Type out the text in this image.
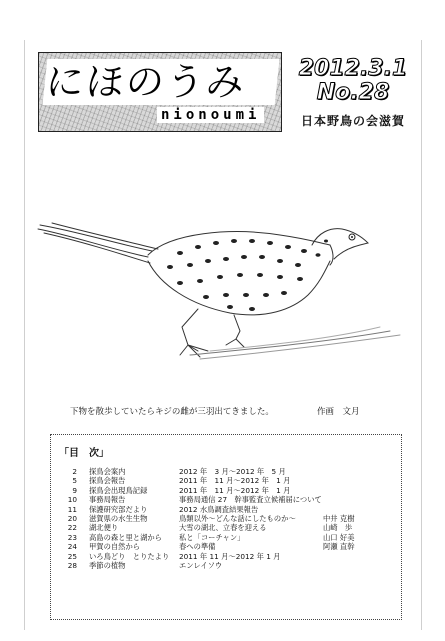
にほのうみ
nionoumi
2012.3.1
No.28
日本野鳥の会滋賀
下物を散歩していたらキジの雌が三羽出てきました。	作画　文月
「目　次」
2 探鳥会案内	2012 年　3 月～2012 年　5 月
5 探鳥会報告	2011 年　11 月～2012 年　1 月
9 探鳥会出現鳥記録	2011 年　11 月～2012 年　1 月
10 事務局報告	事務局通信 27　幹事監査立候補届について
11 保護研究部だより	2012 水鳥調査結果報告
20 滋賀県の水生生物	鳥類以外～どんな話にしたものか～	中井 克樹
22 湖北便り	大雪の湖北、立春を迎える	山崎　歩
23 高島の森と里と湖から 私と「コーチャン」	山口 好美
24 甲賀の自然から	春への準備	阿瀬 直幹
25 いろ鳥どり　とりたより 2011 年 11 月～2012 年 1 月
28 季節の植物	エンレイソウ
